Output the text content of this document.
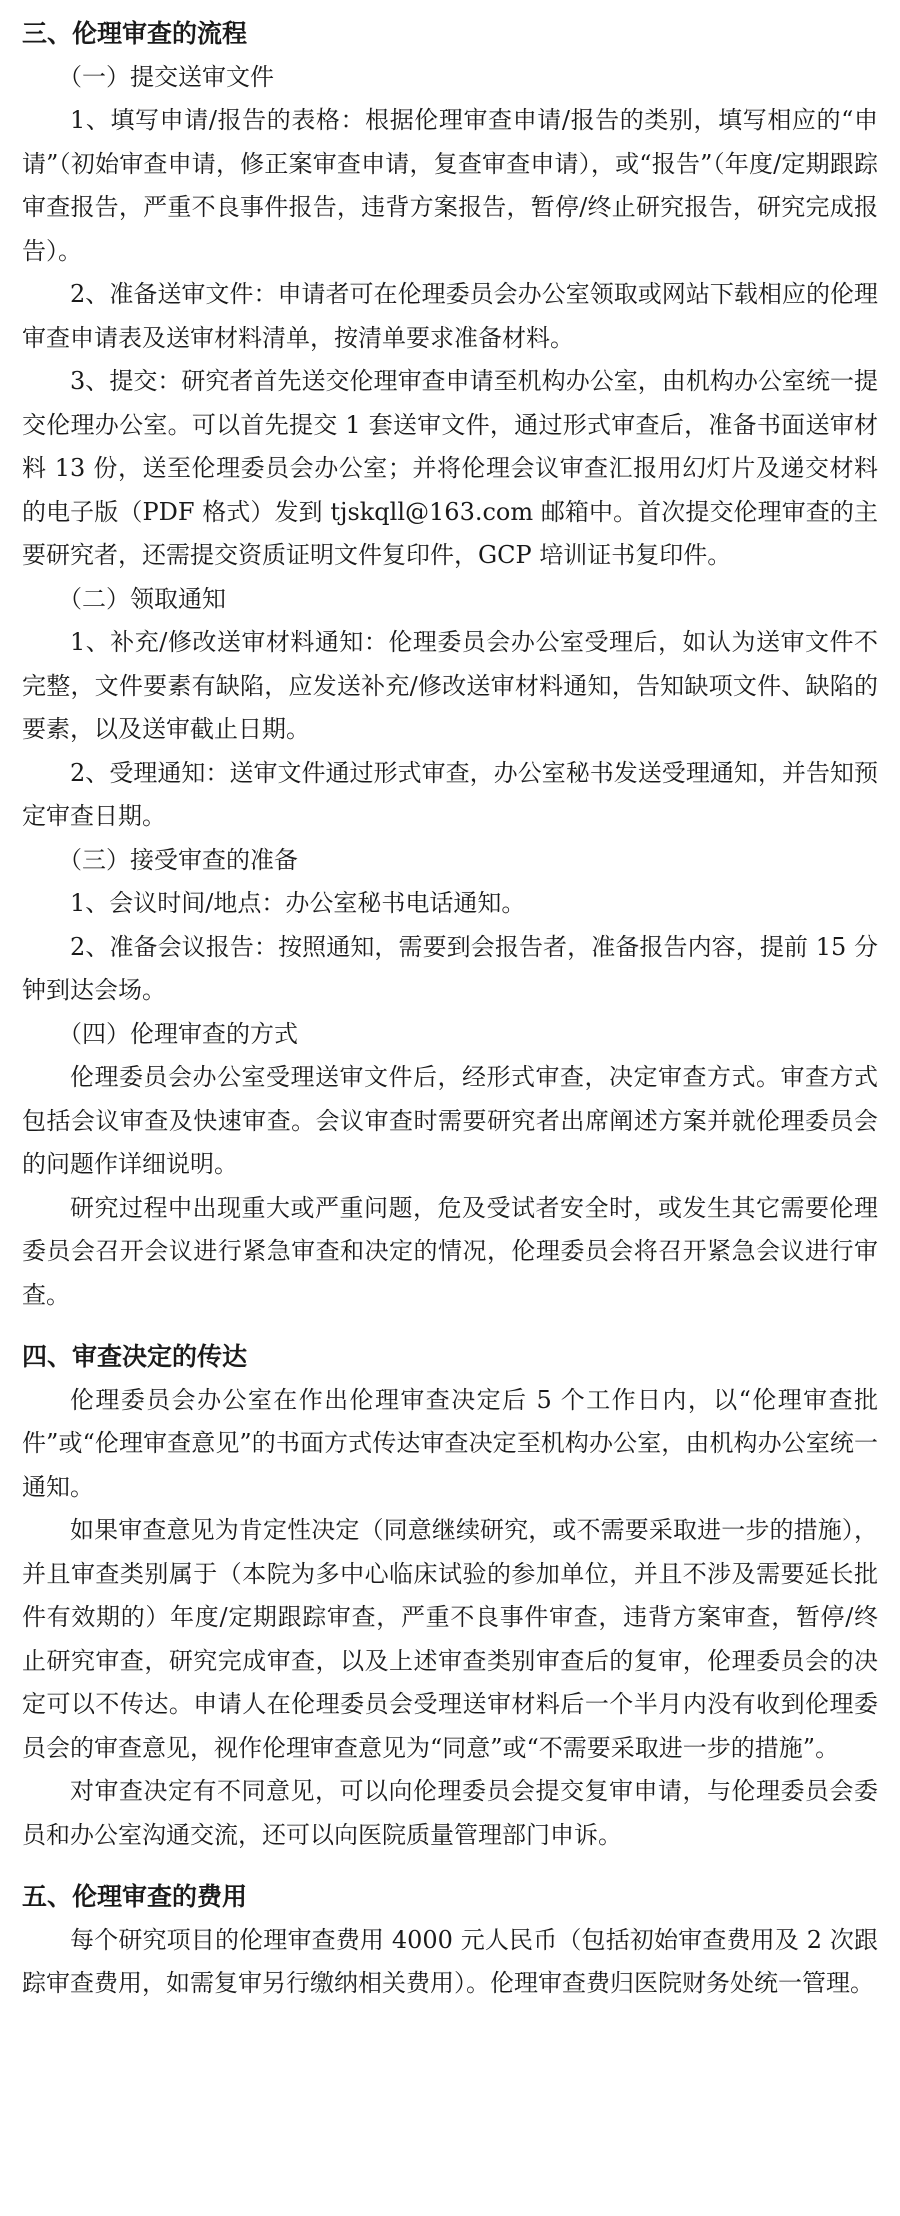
三、伦理审查的流程

（一）提交送审文件

1、填写申请/报告的表格：根据伦理审查申请/报告的类别，填写相应的“申请”（初始审查申请，修正案审查申请，复查审查申请），或“报告”（年度/定期跟踪审查报告，严重不良事件报告，违背方案报告，暂停/终止研究报告，研究完成报告）。

2、准备送审文件：申请者可在伦理委员会办公室领取或网站下载相应的伦理审查申请表及送审材料清单，按清单要求准备材料。

3、提交：研究者首先送交伦理审查申请至机构办公室，由机构办公室统一提交伦理办公室。可以首先提交 1 套送审文件，通过形式审查后，准备书面送审材料 13 份，送至伦理委员会办公室；并将伦理会议审查汇报用幻灯片及递交材料的电子版（PDF 格式）发到 tjskqll@163.com 邮箱中。首次提交伦理审查的主要研究者，还需提交资质证明文件复印件，GCP 培训证书复印件。

（二）领取通知

1、补充/修改送审材料通知：伦理委员会办公室受理后，如认为送审文件不完整，文件要素有缺陷，应发送补充/修改送审材料通知，告知缺项文件、缺陷的要素，以及送审截止日期。

2、受理通知：送审文件通过形式审查，办公室秘书发送受理通知，并告知预定审查日期。

（三）接受审查的准备

1、会议时间/地点：办公室秘书电话通知。

2、准备会议报告：按照通知，需要到会报告者，准备报告内容，提前 15 分钟到达会场。

（四）伦理审查的方式

伦理委员会办公室受理送审文件后，经形式审查，决定审查方式。审查方式包括会议审查及快速审查。会议审查时需要研究者出席阐述方案并就伦理委员会的问题作详细说明。

研究过程中出现重大或严重问题，危及受试者安全时，或发生其它需要伦理委员会召开会议进行紧急审查和决定的情况，伦理委员会将召开紧急会议进行审查。

四、审查决定的传达

伦理委员会办公室在作出伦理审查决定后 5 个工作日内，以“伦理审查批件”或“伦理审查意见”的书面方式传达审查决定至机构办公室，由机构办公室统一通知。

如果审查意见为肯定性决定（同意继续研究，或不需要采取进一步的措施），并且审查类别属于（本院为多中心临床试验的参加单位，并且不涉及需要延长批件有效期的）年度/定期跟踪审查，严重不良事件审查，违背方案审查，暂停/终止研究审查，研究完成审查，以及上述审查类别审查后的复审，伦理委员会的决定可以不传达。申请人在伦理委员会受理送审材料后一个半月内没有收到伦理委员会的审查意见，视作伦理审查意见为“同意”或“不需要采取进一步的措施”。

对审查决定有不同意见，可以向伦理委员会提交复审申请，与伦理委员会委员和办公室沟通交流，还可以向医院质量管理部门申诉。

五、伦理审查的费用

每个研究项目的伦理审查费用 4000 元人民币（包括初始审查费用及 2 次跟踪审查费用，如需复审另行缴纳相关费用）。伦理审查费归医院财务处统一管理。
